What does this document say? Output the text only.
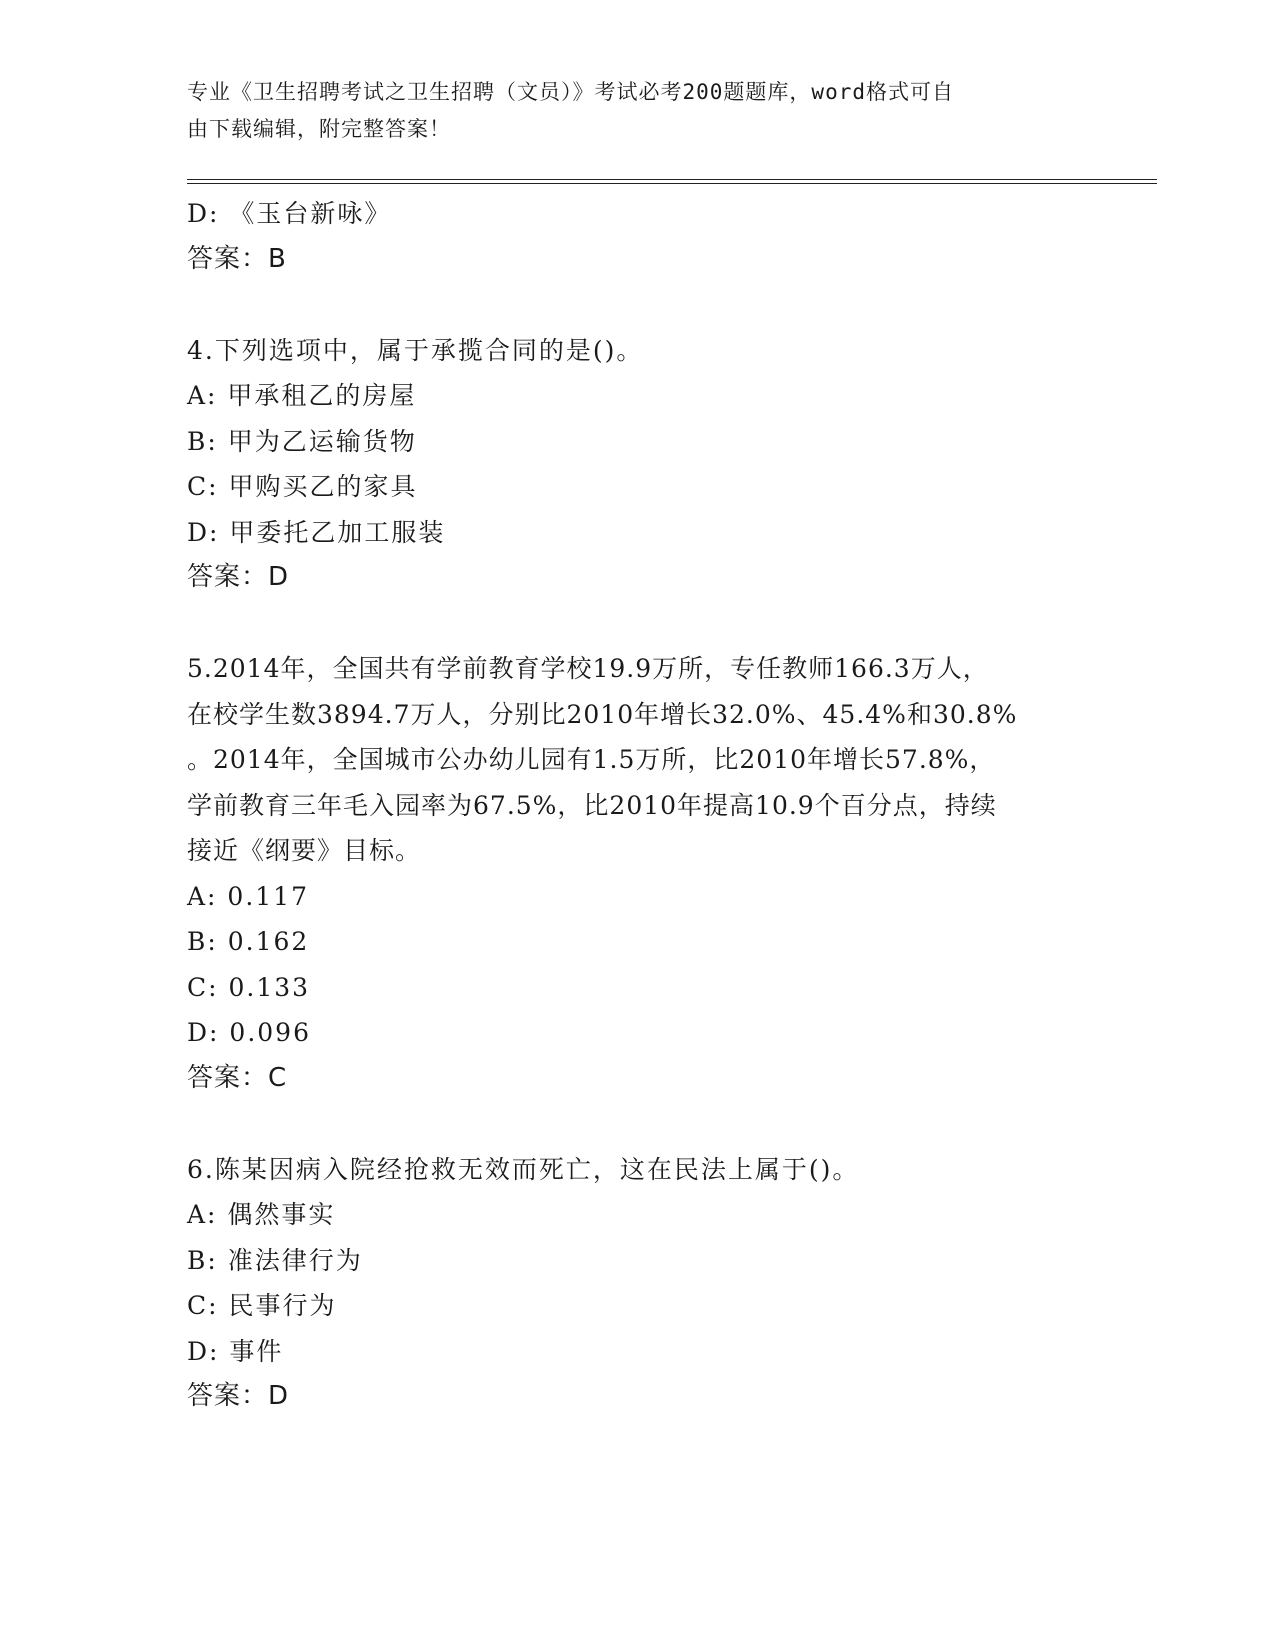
专业《卫生招聘考试之卫生招聘（文员）》考试必考200题题库，word格式可自
由下载编辑，附完整答案！
D: 《玉台新咏》
答案：B
4.下列选项中，属于承揽合同的是()。
A: 甲承租乙的房屋
B: 甲为乙运输货物
C: 甲购买乙的家具
D: 甲委托乙加工服装
答案：D
5.2014年，全国共有学前教育学校19.9万所，专任教师166.3万人，
在校学生数3894.7万人，分别比2010年增长32.0%、45.4%和30.8%
。2014年，全国城市公办幼儿园有1.5万所，比2010年增长57.8%，
学前教育三年毛入园率为67.5%，比2010年提高10.9个百分点，持续
接近《纲要》目标。
A: 0.117
B: 0.162
C: 0.133
D: 0.096
答案：C
6.陈某因病入院经抢救无效而死亡，这在民法上属于()。
A: 偶然事实
B: 准法律行为
C: 民事行为
D: 事件
答案：D
